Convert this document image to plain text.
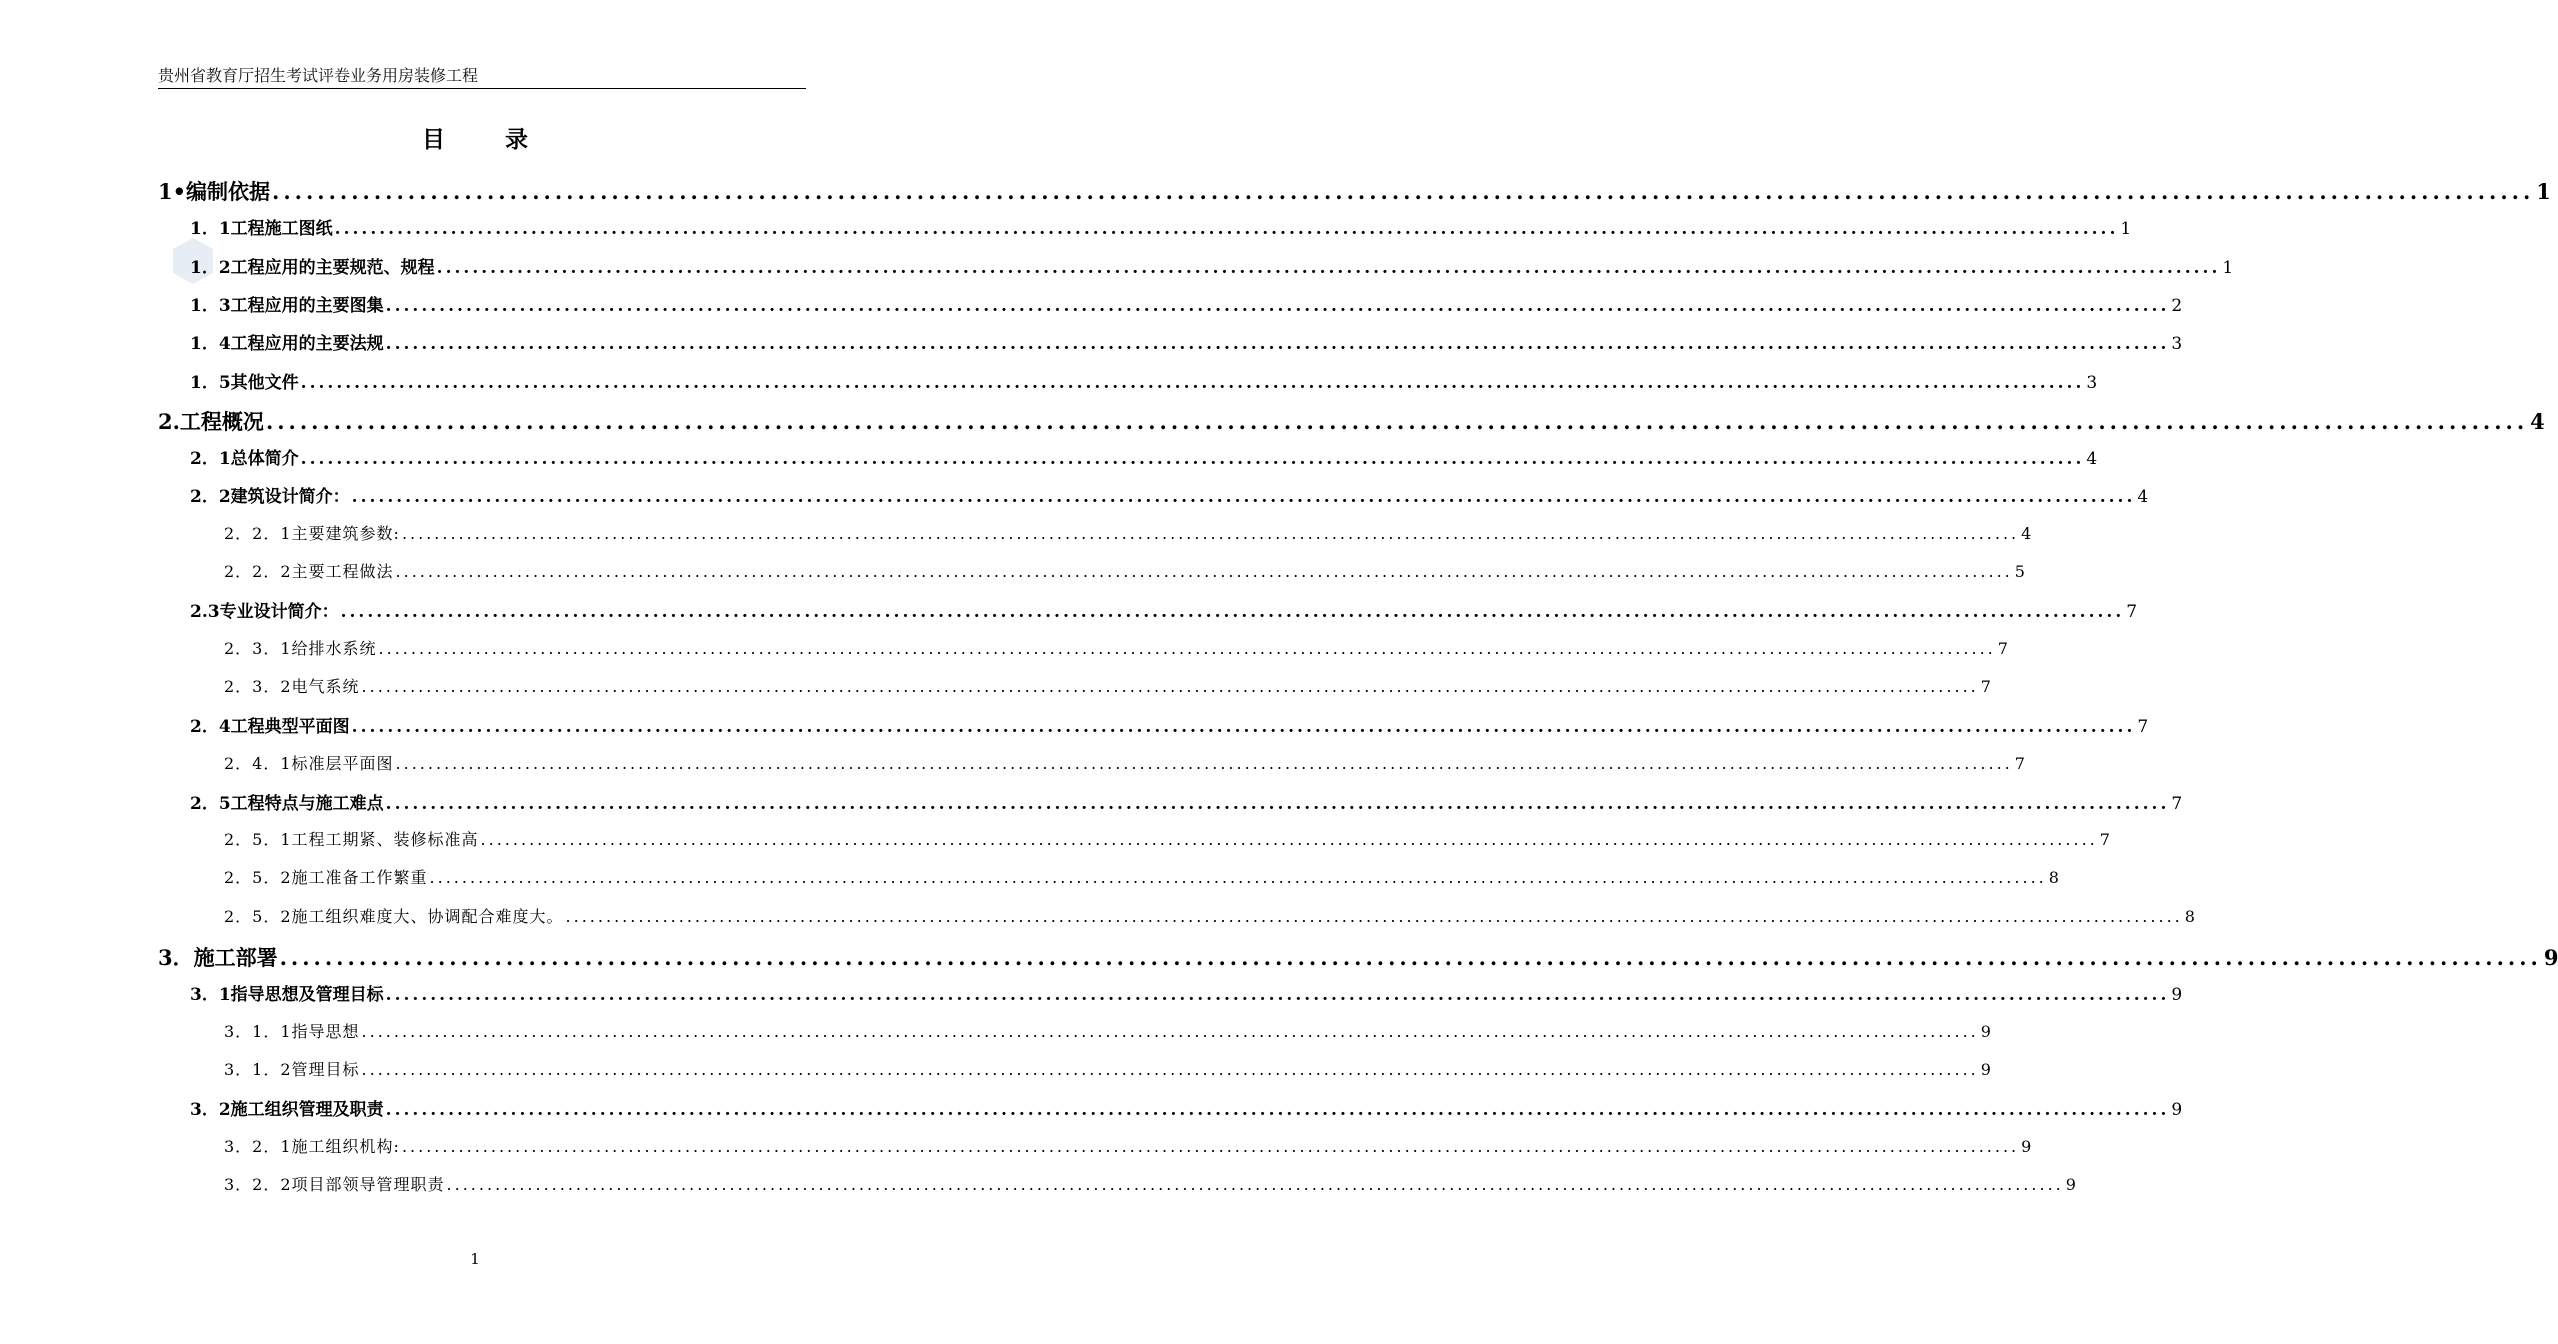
贵州省教育厅招生考试评卷业务用房装修工程
目 录
1•编制依据 ........................................................................................................................................................................................................ 1
1．1工程施工图纸 ........................................................................................................................................................................................................ 1
1．2工程应用的主要规范、规程 ........................................................................................................................................................................................................ 1
1．3工程应用的主要图集 ........................................................................................................................................................................................................ 2
1．4工程应用的主要法规 ........................................................................................................................................................................................................ 3
1．5其他文件 ........................................................................................................................................................................................................ 3
2.工程概况 ........................................................................................................................................................................................................ 4
2．1总体简介 ........................................................................................................................................................................................................ 4
2．2建筑设计简介： ........................................................................................................................................................................................................ 4
2．2．1主要建筑参数: ........................................................................................................................................................................................................ 4
2．2．2主要工程做法 ........................................................................................................................................................................................................ 5
2.3专业设计简介： ........................................................................................................................................................................................................ 7
2．3．1给排水系统 ........................................................................................................................................................................................................ 7
2．3．2电气系统 ........................................................................................................................................................................................................ 7
2．4工程典型平面图 ........................................................................................................................................................................................................ 7
2．4．1标准层平面图 ........................................................................................................................................................................................................ 7
2．5工程特点与施工难点 ........................................................................................................................................................................................................ 7
2．5．1工程工期紧、装修标准高 ........................................................................................................................................................................................................ 7
2．5．2施工准备工作繁重 ........................................................................................................................................................................................................ 8
2．5．2施工组织难度大、协调配合难度大。 ........................................................................................................................................................................................................ 8
3．施工部署 ........................................................................................................................................................................................................ 9
3．1指导思想及管理目标 ........................................................................................................................................................................................................ 9
3．1．1指导思想 ........................................................................................................................................................................................................ 9
3．1．2管理目标 ........................................................................................................................................................................................................ 9
3．2施工组织管理及职责 ........................................................................................................................................................................................................ 9
3．2．1施工组织机构: ........................................................................................................................................................................................................ 9
3．2．2项目部领导管理职责 ........................................................................................................................................................................................................ 9
1
